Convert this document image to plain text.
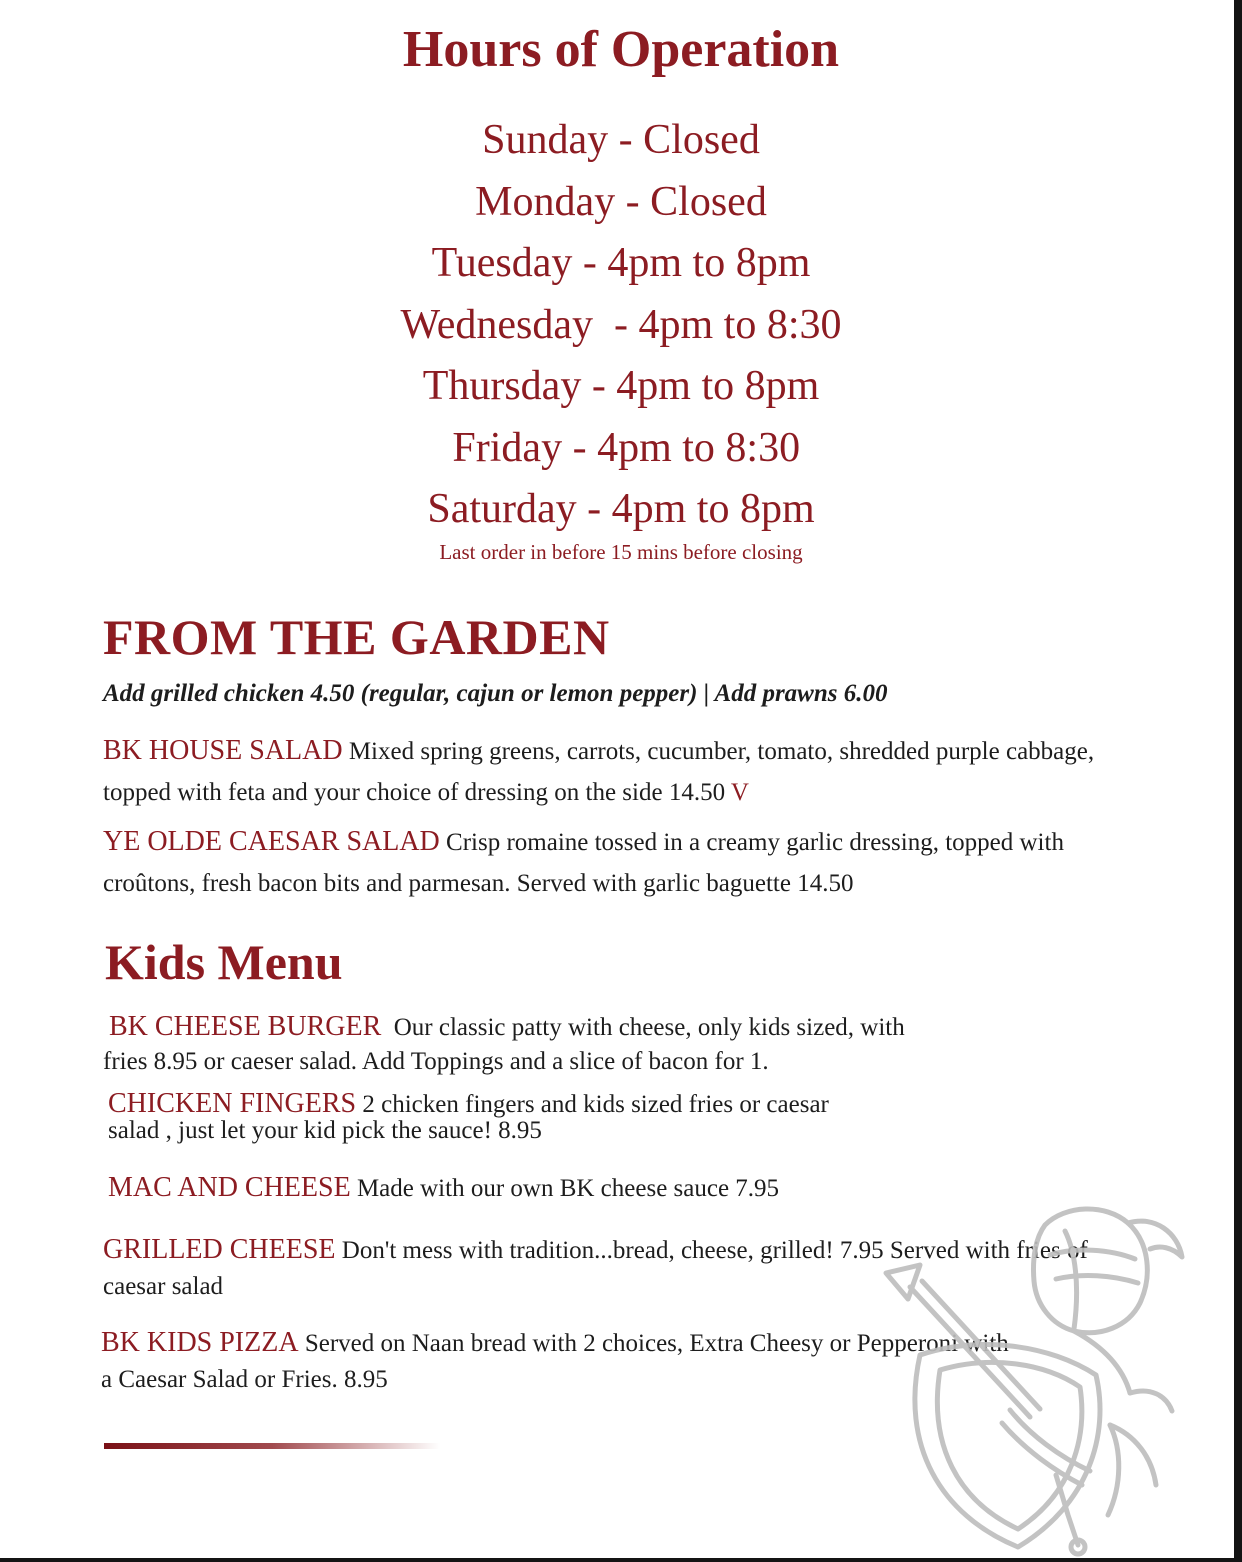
Hours of Operation
Sunday - Closed
Monday - Closed
Tuesday - 4pm to 8pm
Wednesday  - 4pm to 8:30
Thursday - 4pm to 8pm
Friday - 4pm to 8:30
Saturday - 4pm to 8pm
Last order in before 15 mins before closing
FROM THE GARDEN
Add grilled chicken 4.50 (regular, cajun or lemon pepper) | Add prawns 6.00
BK HOUSE SALAD Mixed spring greens, carrots, cucumber, tomato, shredded purple cabbage, topped with feta and your choice of dressing on the side 14.50 V
YE OLDE CAESAR SALAD Crisp romaine tossed in a creamy garlic dressing, topped with croûtons, fresh bacon bits and parmesan. Served with garlic baguette 14.50
Kids Menu
BK CHEESE BURGER  Our classic patty with cheese, only kids sized, with
fries 8.95 or caeser salad. Add Toppings and a slice of bacon for 1.
CHICKEN FINGERS 2 chicken fingers and kids sized fries or caesar
salad , just let your kid pick the sauce! 8.95
MAC AND CHEESE Made with our own BK cheese sauce 7.95
GRILLED CHEESE Don't mess with tradition...bread, cheese, grilled! 7.95 Served with fries of
caesar salad
BK KIDS PIZZA Served on Naan bread with 2 choices, Extra Cheesy or Pepperoni with
a Caesar Salad or Fries. 8.95
